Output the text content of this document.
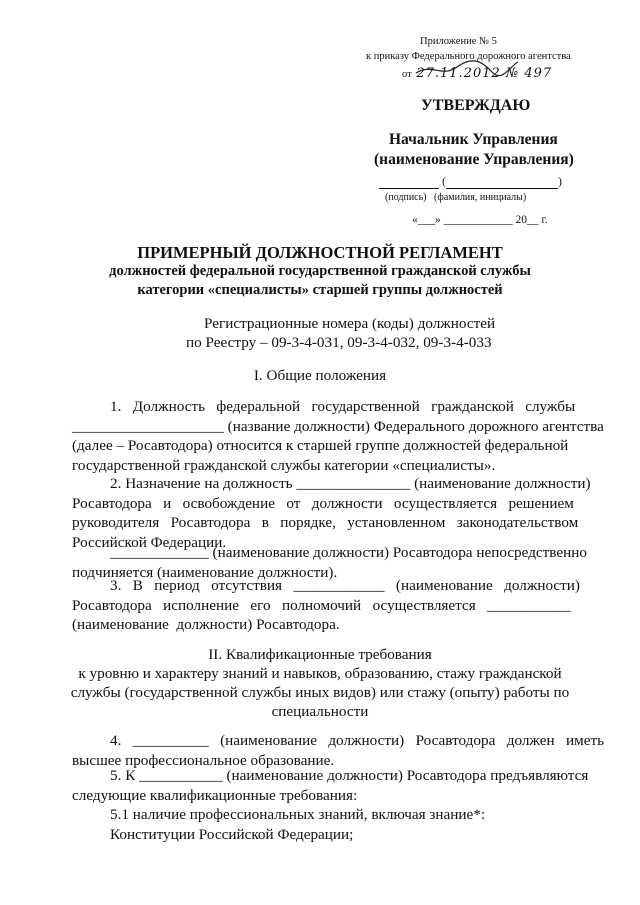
Приложение № 5
к приказу Федерального дорожного агентства
от 27.11.2012 № 497
УТВЕРЖДАЮ
Начальник Управления
(наименование Управления)
(	)
(подпись)   (фамилия, инициалы)
«___» ____________ 20__ г.
ПРИМЕРНЫЙ ДОЛЖНОСТНОЙ РЕГЛАМЕНТ
должностей федеральной государственной гражданской службы
категории «специалисты» старшей группы должностей
Регистрационные номера (коды) должностей
по Реестру – 09-3-4-031, 09-3-4-032, 09-3-4-033
I. Общие положения
1.   Должность   федеральной   государственной   гражданской   службы
____________________ (название должности) Федерального дорожного агентства
(далее – Росавтодора) относится к старшей группе должностей федеральной
государственной гражданской службы категории «специалисты».
2. Назначение на должность _______________ (наименование должности)
Росавтодора   и   освобождение   от   должности   осуществляется   решением
руководителя   Росавтодора   в   порядке,   установленном   законодательством
Российской Федерации.
_____________ (наименование должности) Росавтодора непосредственно
подчиняется (наименование должности).
3.   В   период   отсутствия   ____________   (наименование   должности)
Росавтодора   исполнение   его   полномочий   осуществляется   ___________
(наименование  должности) Росавтодора.
II. Квалификационные требования
к уровню и характеру знаний и навыков, образованию, стажу гражданской
службы (государственной службы иных видов) или стажу (опыту) работы по
специальности
4.   __________   (наименование   должности)   Росавтодора   должен   иметь
высшее профессиональное образование.
5. К ___________ (наименование должности) Росавтодора предъявляются
следующие квалификационные требования:
5.1 наличие профессиональных знаний, включая знание*:
Конституции Российской Федерации;
